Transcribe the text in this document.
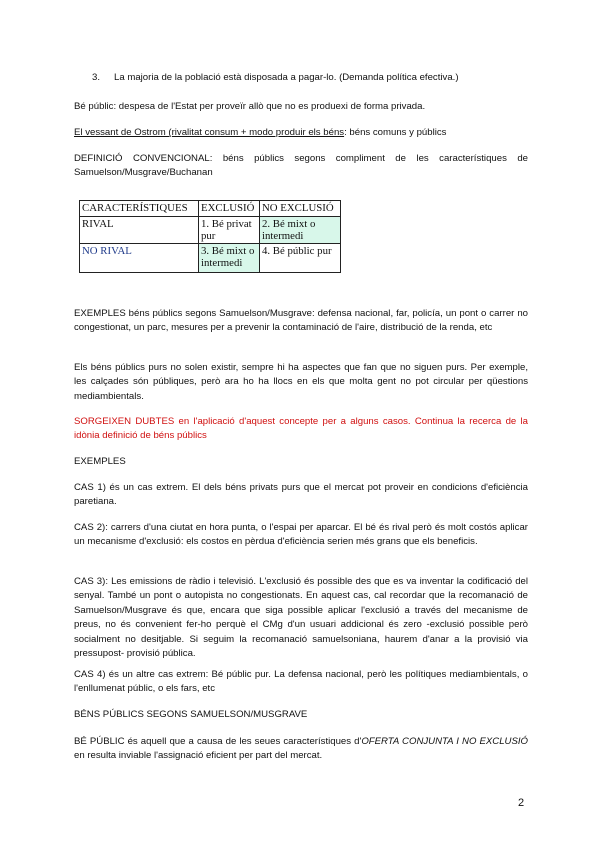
3. La majoria de la població està disposada a pagar-lo. (Demanda política efectiva.)

Bé públic: despesa de l'Estat per proveïr allò que no es produexi de forma privada.

El vessant de Ostrom (rivalitat consum + modo produir els béns: béns comuns y públics

DEFINICIÓ CONVENCIONAL: béns públics segons compliment de les característiques de Samuelson/Musgrave/Buchanan

CARACTERÍSTIQUES	EXCLUSIÓ	NO EXCLUSIÓ
RIVAL	1. Bé privat pur	2. Bé mixt o intermedi
NO RIVAL	3. Bé mixt o intermedi	4. Bé públic pur

EXEMPLES béns públics segons Samuelson/Musgrave: defensa nacional, far, policía, un pont o carrer no congestionat, un parc, mesures per a prevenir la contaminació de l'aire, distribució de la renda, etc

Els béns públics purs no solen existir, sempre hi ha aspectes que fan que no siguen purs. Per exemple, les calçades són públiques, però ara ho ha llocs en els que molta gent no pot circular per qüestions mediambientals.

SORGEIXEN DUBTES en l'aplicació d'aquest concepte per a alguns casos. Continua la recerca de la idònia definició de béns públics

EXEMPLES

CAS 1) és un cas extrem. El dels béns privats purs que el mercat pot proveir en condicions d'eficiència paretiana.

CAS 2): carrers d'una ciutat en hora punta, o l'espai per aparcar. El bé és rival però és molt costós aplicar un mecanisme d'exclusió: els costos en pèrdua d'eficiència serien més grans que els beneficis.

CAS 3): Les emissions de ràdio i televisió. L'exclusió és possible des que es va inventar la codificació del senyal. També un pont o autopista no congestionats. En aquest cas, cal recordar que la recomanació de Samuelson/Musgrave és que, encara que siga possible aplicar l'exclusió a través del mecanisme de preus, no és convenient fer-ho perquè el CMg d'un usuari addicional és zero -exclusió possible però socialment no desitjable. Si seguim la recomanació samuelsoniana, haurem d'anar a la provisió via pressupost- provisió pública.

CAS 4) és un altre cas extrem: Bé públic pur. La defensa nacional, però les polítiques mediambientals, o l'enllumenat públic, o els fars, etc

BÉNS PÚBLICS SEGONS SAMUELSON/MUSGRAVE

BÉ PÚBLIC és aquell que a causa de les seues característiques d'OFERTA CONJUNTA I NO EXCLUSIÓ en resulta inviable l'assignació eficient per part del mercat.

2
